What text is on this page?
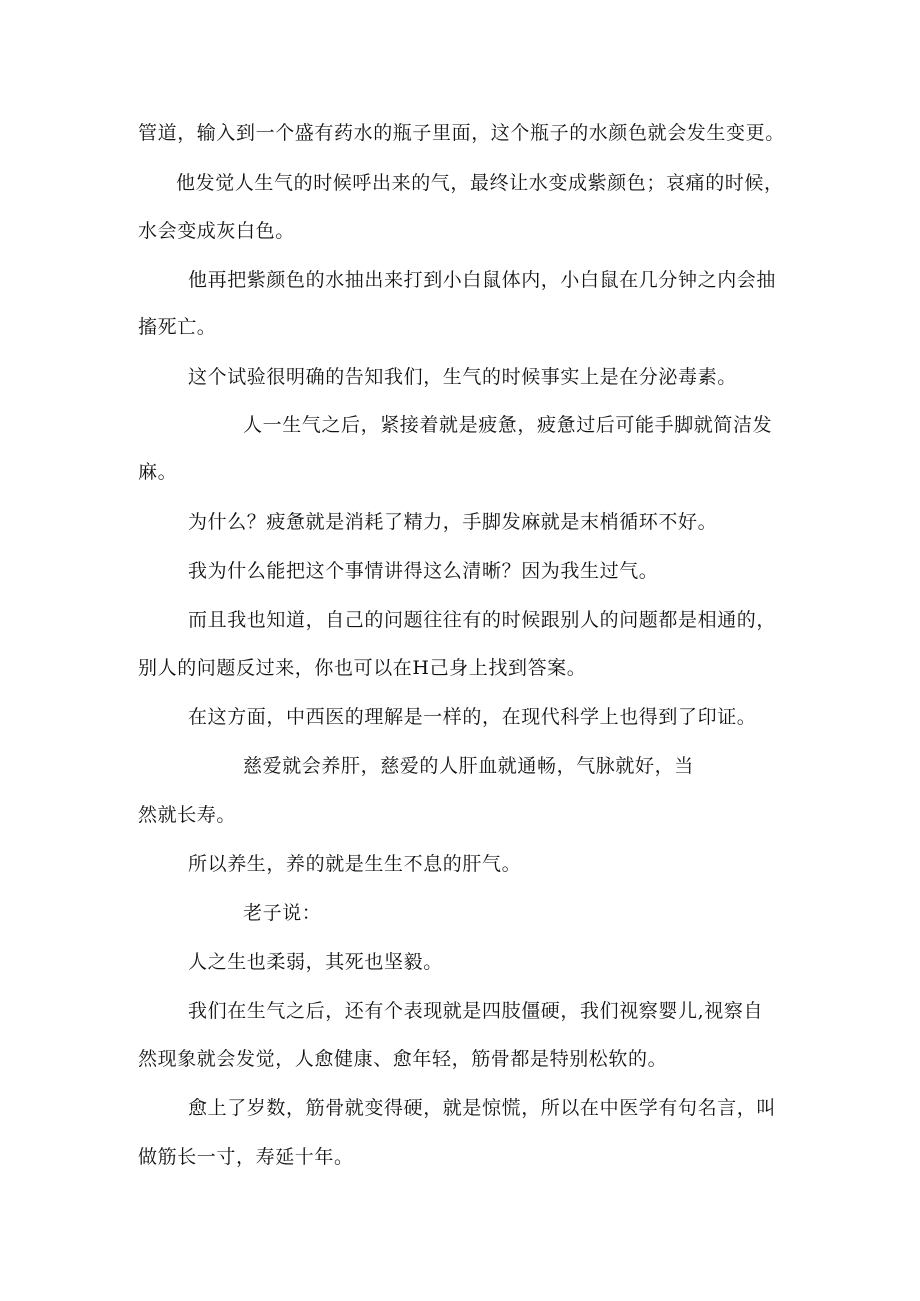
管道，输入到一个盛有药水的瓶子里面，这个瓶子的水颜色就会发生变更。
他发觉人生气的时候呼出来的气，最终让水变成紫颜色；哀痛的时候，
水会变成灰白色。
他再把紫颜色的水抽出来打到小白鼠体内，小白鼠在几分钟之内会抽
搐死亡。
这个试验很明确的告知我们，生气的时候事实上是在分泌毒素。
人一生气之后，紧接着就是疲惫，疲惫过后可能手脚就简洁发
麻。
为什么？疲惫就是消耗了精力，手脚发麻就是末梢循环不好。
我为什么能把这个事情讲得这么清晰？因为我生过气。
而且我也知道，自己的问题往往有的时候跟别人的问题都是相通的，
别人的问题反过来，你也可以在H己身上找到答案。
在这方面，中西医的理解是一样的，在现代科学上也得到了印证。
慈爱就会养肝，慈爱的人肝血就通畅，气脉就好，当
然就长寿。
所以养生，养的就是生生不息的肝气。
老子说：
人之生也柔弱，其死也坚毅。
我们在生气之后，还有个表现就是四肢僵硬，我们视察婴儿,视察自
然现象就会发觉，人愈健康、愈年轻，筋骨都是特别松软的。
愈上了岁数，筋骨就变得硬，就是惊慌，所以在中医学有句名言，叫
做筋长一寸，寿延十年。
